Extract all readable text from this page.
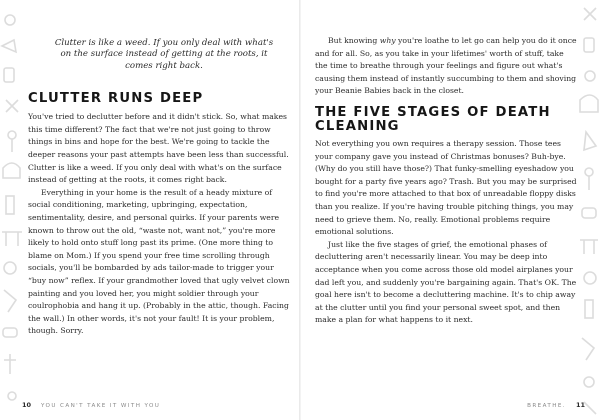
Clutter is like a weed. If you only deal with what's on the surface instead of getting at the roots, it comes right back.
CLUTTER RUNS DEEP

You've tried to declutter before and it didn't stick. So, what makes this time different? The fact that we're not just going to throw things in bins and hope for the best. We're going to tackle the deeper reasons your past attempts have been less than successful. Clutter is like a weed. If you only deal with what's on the surface instead of getting at the roots, it comes right back.

Everything in your home is the result of a heady mixture of social conditioning, marketing, upbringing, expectation, sentimentality, desire, and personal quirks. If your parents were known to throw out the old, “waste not, want not,” you're more likely to hold onto stuff long past its prime. (One more thing to blame on Mom.) If you spend your free time scrolling through socials, you'll be bombarded by ads tailor-made to trigger your “buy now” reflex. If your grandmother loved that ugly velvet clown painting and you loved her, you might soldier through your coulrophobia and hang it up. (Probably in the attic, though. Facing the wall.) In other words, it's not your fault! It is your problem, though. Sorry.

But knowing why you're loathe to let go can help you do it once and for all. So, as you take in your lifetimes' worth of stuff, take the time to breathe through your feelings and figure out what's causing them instead of instantly succumbing to them and shoving your Beanie Babies back in the closet.

THE FIVE STAGES OF DEATH CLEANING

Not everything you own requires a therapy session. Those tees your company gave you instead of Christmas bonuses? Buh-bye. (Why do you still have those?) That funky-smelling eyeshadow you bought for a party five years ago? Trash. But you may be surprised to find you're more attached to that box of unreadable floppy disks than you realize. If you're having trouble pitching things, you may need to grieve them. No, really. Emotional problems require emotional solutions.

Just like the five stages of grief, the emotional phases of decluttering aren't necessarily linear. You may be deep into acceptance when you come across those old model airplanes your dad left you, and suddenly you're bargaining again. That's OK. The goal here isn't to become a decluttering machine. It's to chip away at the clutter until you find your personal sweet spot, and then make a plan for what happens to it next.

10 YOU CAN'T TAKE IT WITH YOU	BREATHE. 11
